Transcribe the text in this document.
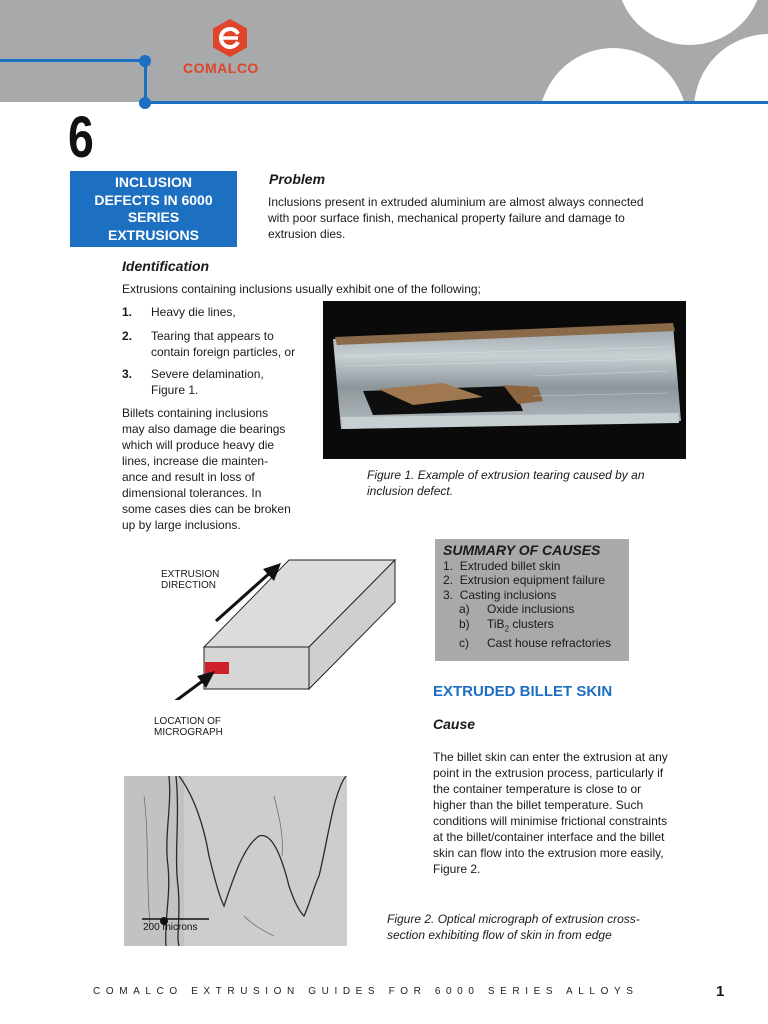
COMALCO
6
INCLUSION
DEFECTS IN 6000
SERIES
EXTRUSIONS
Problem
Inclusions present in extruded aluminium are almost always connected
with poor surface finish, mechanical property failure and damage to
extrusion dies.
Identification
Extrusions containing inclusions usually exhibit one of the following;
1. Heavy die lines,
2. Tearing that appears to
contain foreign particles, or
3. Severe delamination,
Figure 1.
Billets containing inclusions
may also damage die bearings
which will produce heavy die
lines, increase die mainten-
ance and result in loss of
dimensional tolerances. In
some cases dies can be broken
up by large inclusions.
Figure 1. Example of extrusion tearing caused by an
inclusion defect.
SUMMARY OF CAUSES
1. Extruded billet skin
2. Extrusion equipment failure
3. Casting inclusions
a) Oxide inclusions
b) TiB$_2$ clusters
c) Cast house refractories
EXTRUSION
DIRECTION
LOCATION OF
MICROGRAPH
EXTRUDED BILLET SKIN
Cause
The billet skin can enter the extrusion at any
point in the extrusion process, particularly if
the container temperature is close to or
higher than the billet temperature. Such
conditions will minimise frictional constraints
at the billet/container interface and the billet
skin can flow into the extrusion more easily,
Figure 2.
200 microns
Figure 2. Optical micrograph of extrusion cross-
section exhibiting flow of skin in from edge
COMALCO EXTRUSION GUIDES FOR 6000 SERIES ALLOYS	1
